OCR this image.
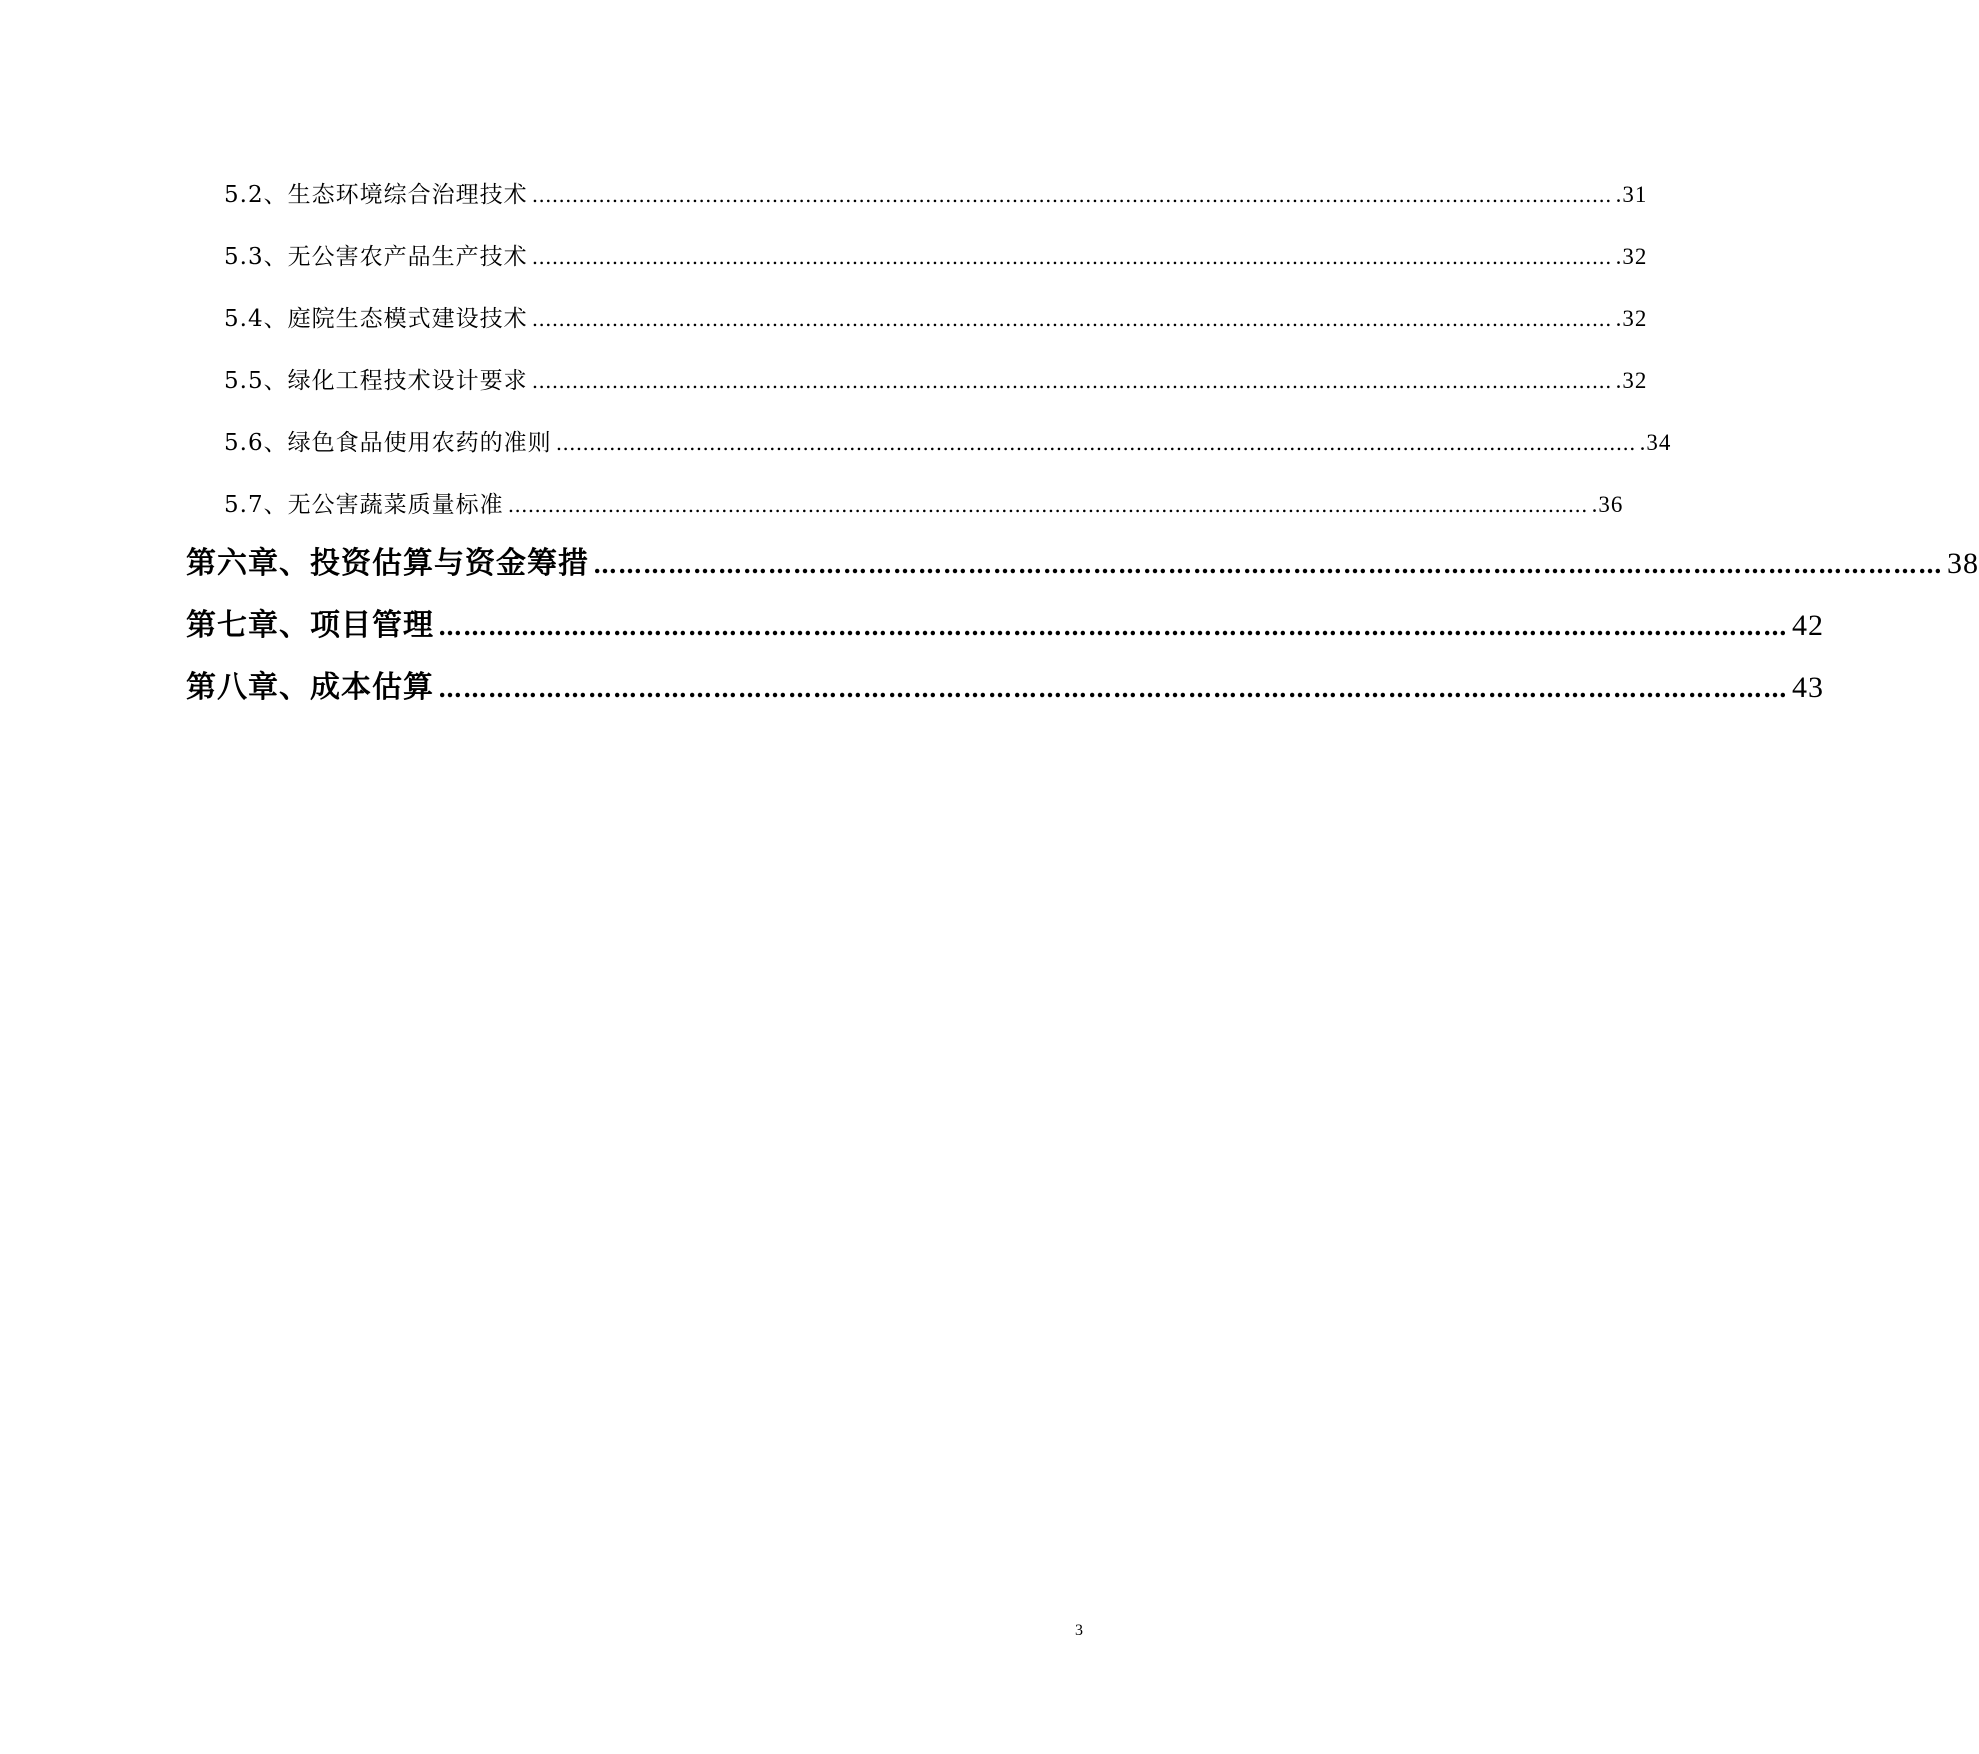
5.2、生态环境综合治理技术 ……………………………………………………………………………………………………………………………………………… .31
5.3、无公害农产品生产技术 ……………………………………………………………………………………………………………………………………………… .32
5.4、庭院生态模式建设技术 ……………………………………………………………………………………………………………………………………………… .32
5.5、绿化工程技术设计要求 ……………………………………………………………………………………………………………………………………………… .32
5.6、绿色食品使用农药的准则 ……………………………………………………………………………………………………………………………………………… .34
5.7、无公害蔬菜质量标准 ……………………………………………………………………………………………………………………………………………… .36
第六章、投资估算与资金筹措 ……………………………………………………………………………………………………………………………………………… 38
第七章、项目管理 ……………………………………………………………………………………………………………………………………………… 42
第八章、成本估算 ……………………………………………………………………………………………………………………………………………… 43
3
